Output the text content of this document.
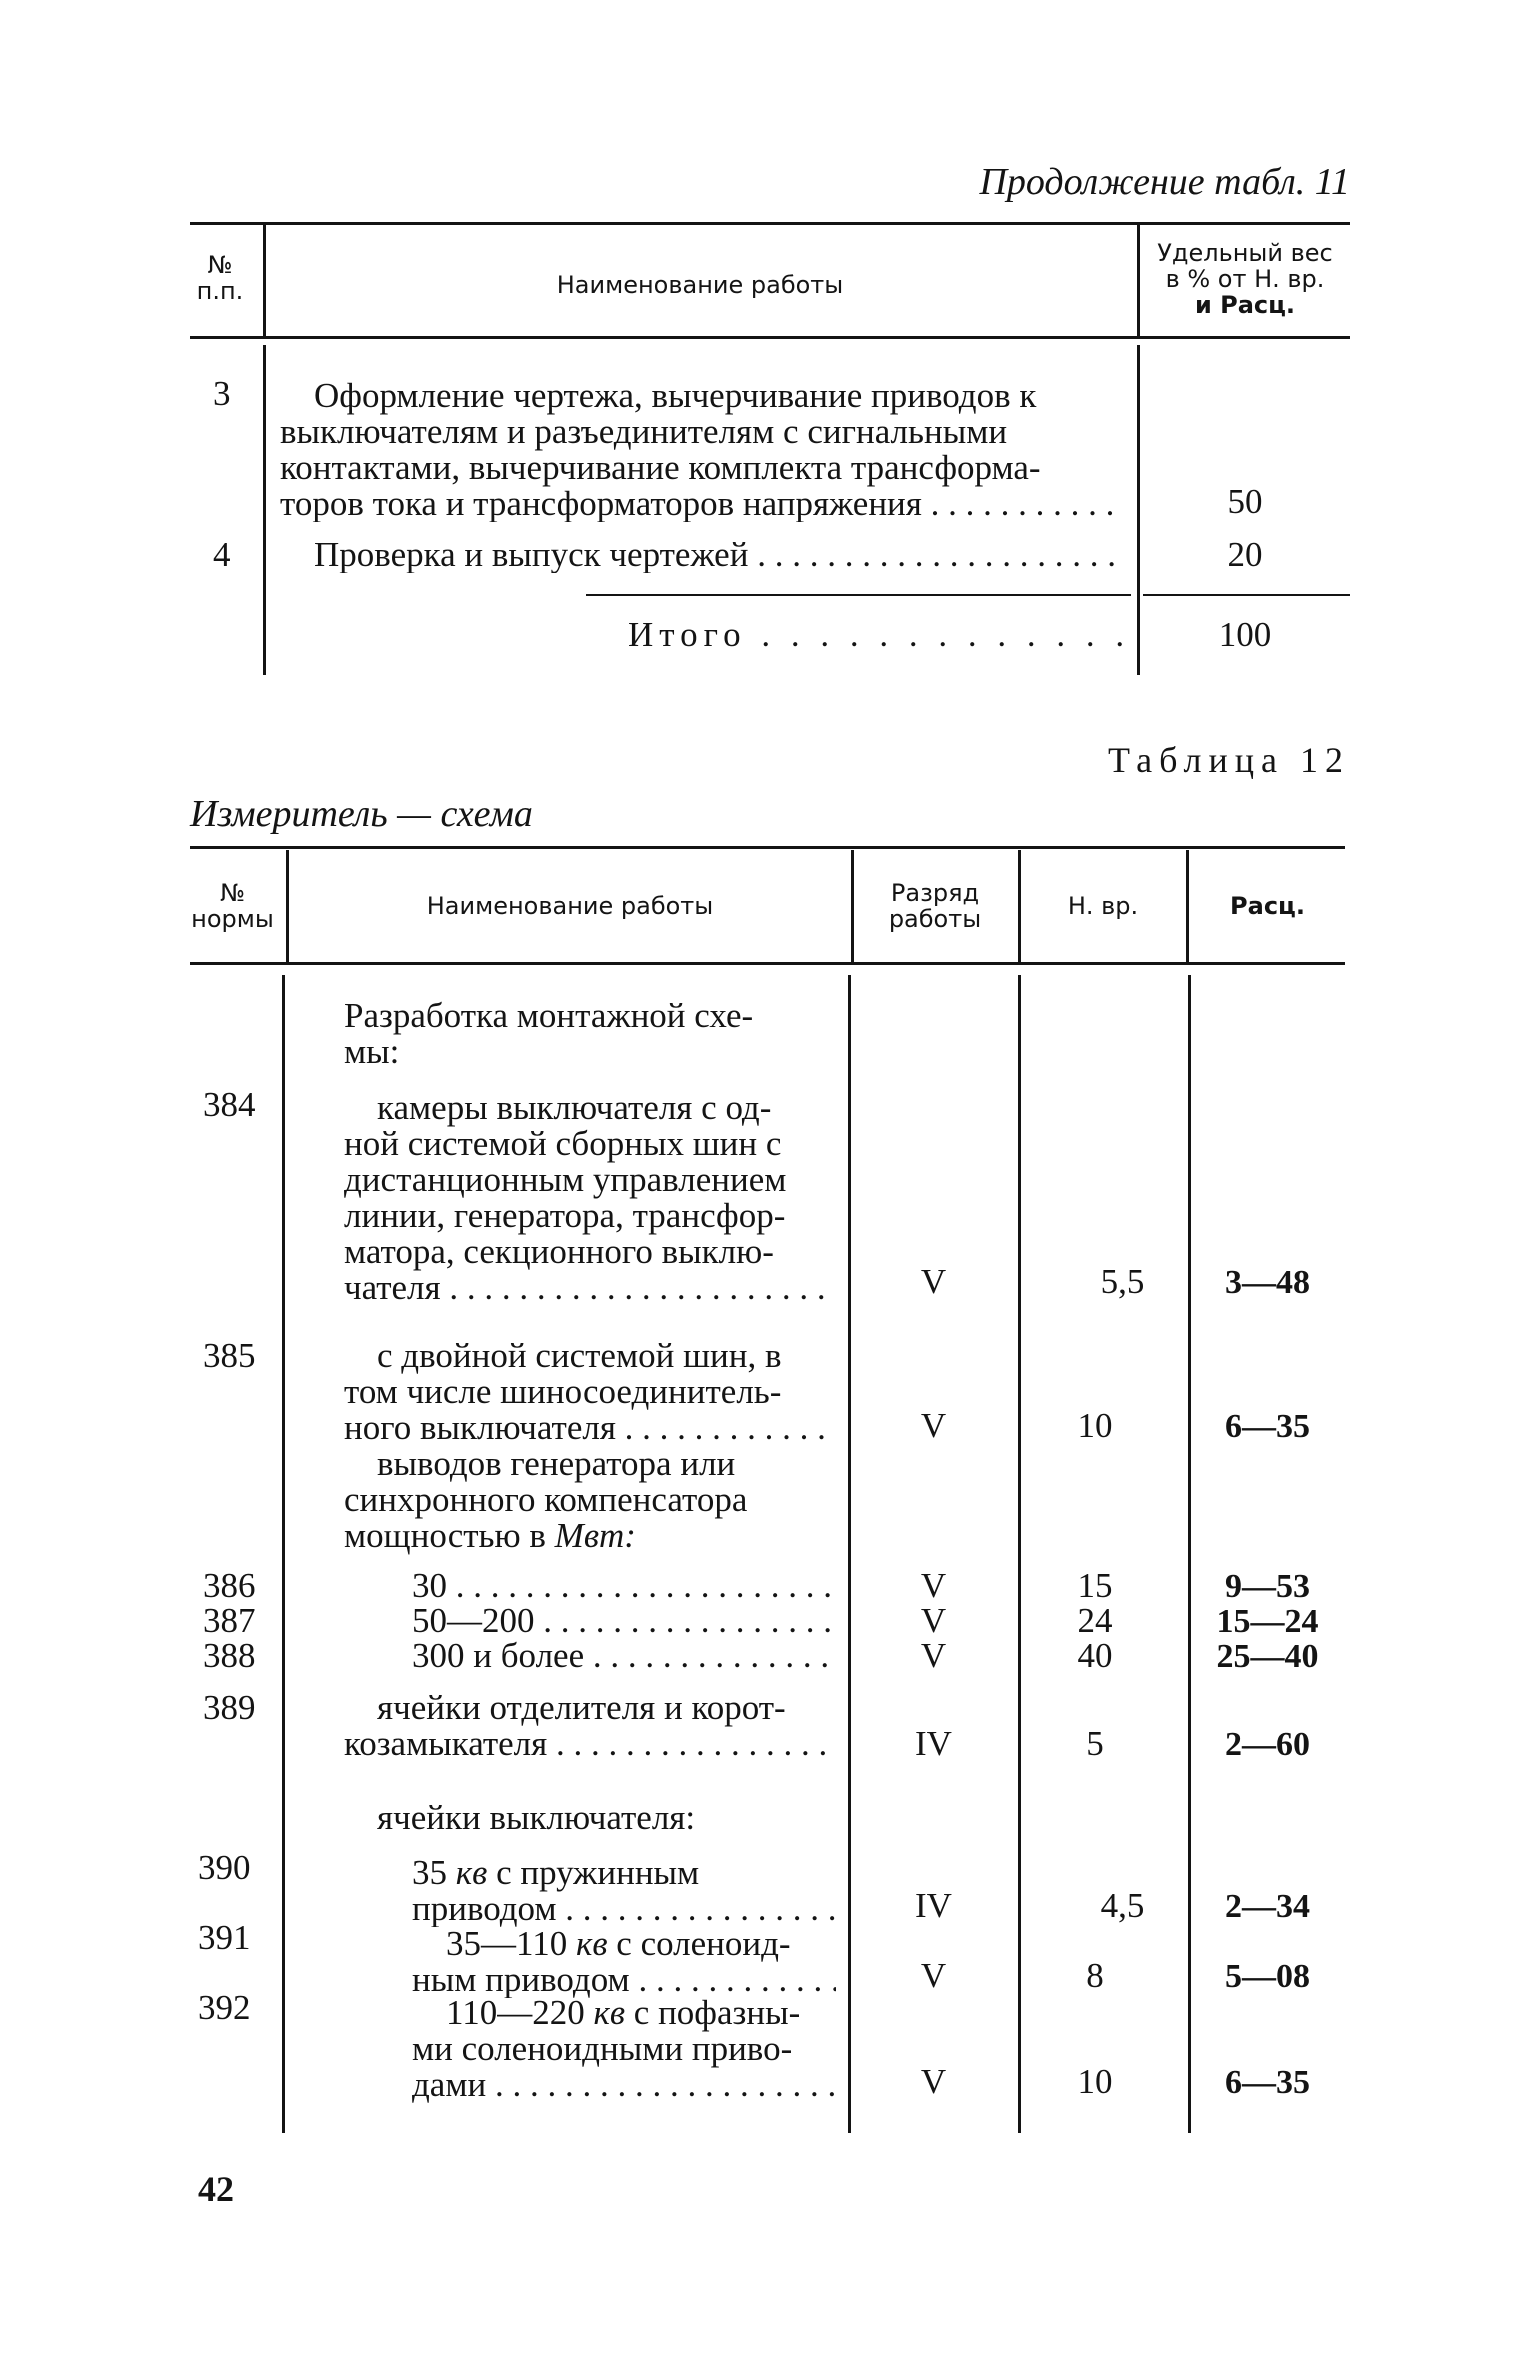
Продолжение табл. 11
№
п.п.	Наименование работы
Удельный вес
в % от Н. вр.
и Расц.
3	Оформление чертежа, вычерчивание приводов к
выключателям и разъединителям с сигнальными
контактами, вычерчивание комплекта трансформа-
торов тока и трансформаторов напряжения . . .	50
4 Проверка и выпуск чертежей . . .	20
Итого . . .	100
Таблица 12
Измеритель — схема
№
нормы	Наименование работы	Разряд
работы	Н. вр.	Расц.
Разработка монтажной схе-
мы:
384	камеры выключателя с од-
ной системой сборных шин с
дистанционным управлением
линии, генератора, трансфор-
матора, секционного выклю-
чателя . . .	V	5,5	3—48
385	с двойной системой шин, в
том числе шиносоединитель-
ного выключателя . . .	V	10	6—35
выводов генератора или
синхронного компенсатора
мощностью в Мвт:
386	30 . . .	V	15	9—53
387	50—200 . . .	V	24	15—24
388	300 и более . . .	V	40	25—40
389	ячейки отделителя и корот-
козамыкателя . . .	IV	5	2—60
ячейки выключателя:
390	35 кв с пружинным
приводом . . .	IV	4,5	2—34
391	35—110 кв с соленоид-
ным приводом . . .	V	8	5—08
392	110—220 кв с пофазны-
ми соленоидными приво-
дами . . .	V	10	6—35
42
